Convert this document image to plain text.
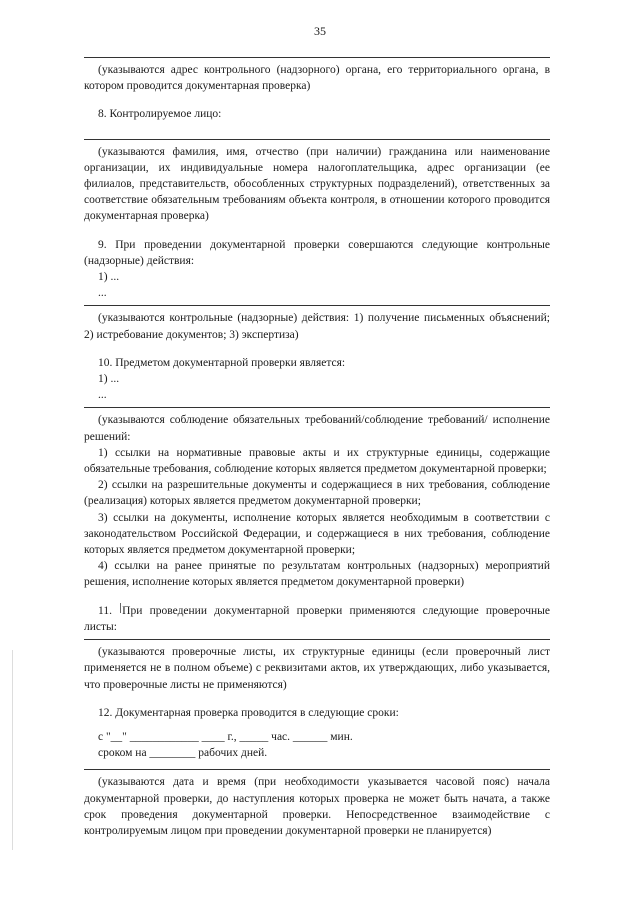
35
(указываются адрес контрольного (надзорного) органа, его территориального органа, в котором проводится документарная проверка)
8. Контролируемое лицо:
(указываются фамилия, имя, отчество (при наличии) гражданина или наименование организации, их индивидуальные номера налогоплательщика, адрес организации (ее филиалов, представительств, обособленных структурных подразделений), ответственных за соответствие обязательным требованиям объекта контроля, в отношении которого проводится документарная проверка)
9. При проведении документарной проверки совершаются следующие контрольные (надзорные) действия:
1) ...
...
(указываются контрольные (надзорные) действия: 1) получение письменных объяснений; 2) истребование документов; 3) экспертиза)
10. Предметом документарной проверки является:
1) ...
...
(указываются соблюдение обязательных требований/соблюдение требований/ исполнение решений:
1) ссылки на нормативные правовые акты и их структурные единицы, содержащие обязательные требования, соблюдение которых является предметом документарной проверки;
2) ссылки на разрешительные документы и содержащиеся в них требования, соблюдение (реализация) которых является предметом документарной проверки;
3) ссылки на документы, исполнение которых является необходимым в соответствии с законодательством Российской Федерации, и содержащиеся в них требования, соблюдение которых является предметом документарной проверки;
4) ссылки на ранее принятые по результатам контрольных (надзорных) мероприятий решения, исполнение которых является предметом документарной проверки)
11. При проведении документарной проверки применяются следующие проверочные листы:
(указываются проверочные листы, их структурные единицы (если проверочный лист применяется не в полном объеме) с реквизитами актов, их утверждающих, либо указывается, что проверочные листы не применяются)
12. Документарная проверка проводится в следующие сроки:
с "__" ____________ ____ г., _____ час. ______ мин.
сроком на ________ рабочих дней.
(указываются дата и время (при необходимости указывается часовой пояс) начала документарной проверки, до наступления которых проверка не может быть начата, а также срок проведения документарной проверки. Непосредственное взаимодействие с контролируемым лицом при проведении документарной проверки не планируется)
